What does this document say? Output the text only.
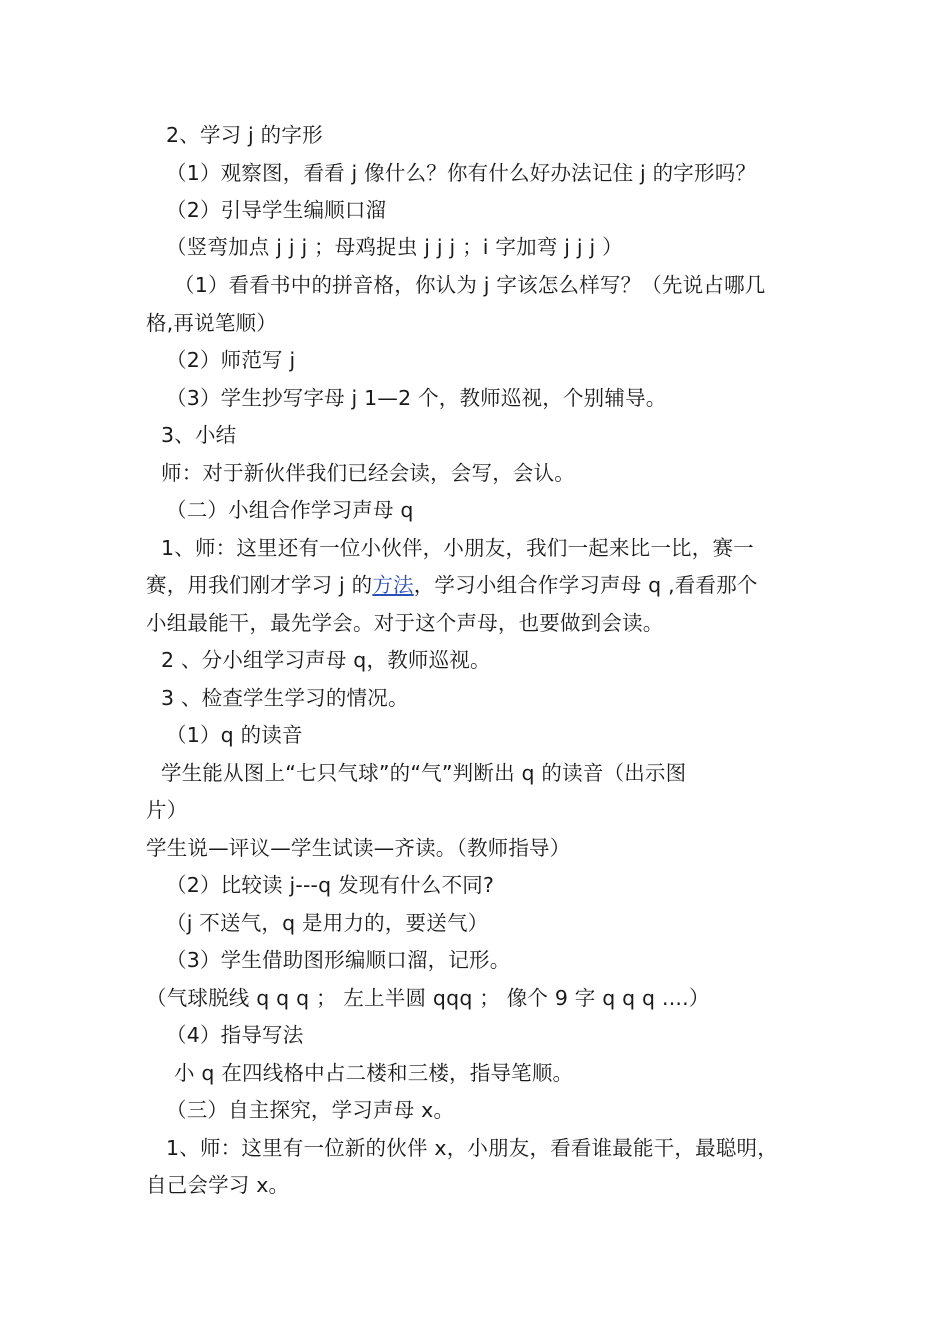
2、学习 j 的字形

（1）观察图，看看 j 像什么？你有什么好办法记住 j 的字形吗？

（2）引导学生编顺口溜

（竖弯加点 j j j ；母鸡捉虫 j j j ；i 字加弯 j j j ）

（1）看看书中的拼音格，你认为 j 字该怎么样写？（先说占哪几

格,再说笔顺）

（2）师范写 j

（3）学生抄写字母 j 1—2 个，教师巡视，个别辅导。

3、小结

师：对于新伙伴我们已经会读，会写，会认。

（二）小组合作学习声母 q

1、师：这里还有一位小伙伴，小朋友，我们一起来比一比，赛一

赛，用我们刚才学习 j 的方法，学习小组合作学习声母 q ,看看那个

小组最能干，最先学会。对于这个声母，也要做到会读。

2 、分小组学习声母 q，教师巡视。

3 、检查学生学习的情况。

（1）q 的读音

学生能从图上“七只气球”的“气”判断出 q 的读音（出示图

片）

学生说—评议—学生试读—齐读。（教师指导）

（2）比较读 j---q 发现有什么不同?

（j 不送气，q 是用力的，要送气）

（3）学生借助图形编顺口溜，记形。

（气球脱线 q q q ； 左上半圆 qqq ； 像个 9 字 q q q ....）

（4）指导写法

小 q 在四线格中占二楼和三楼，指导笔顺。

（三）自主探究，学习声母 x。

1、师：这里有一位新的伙伴 x，小朋友，看看谁最能干，最聪明，

自己会学习 x。
